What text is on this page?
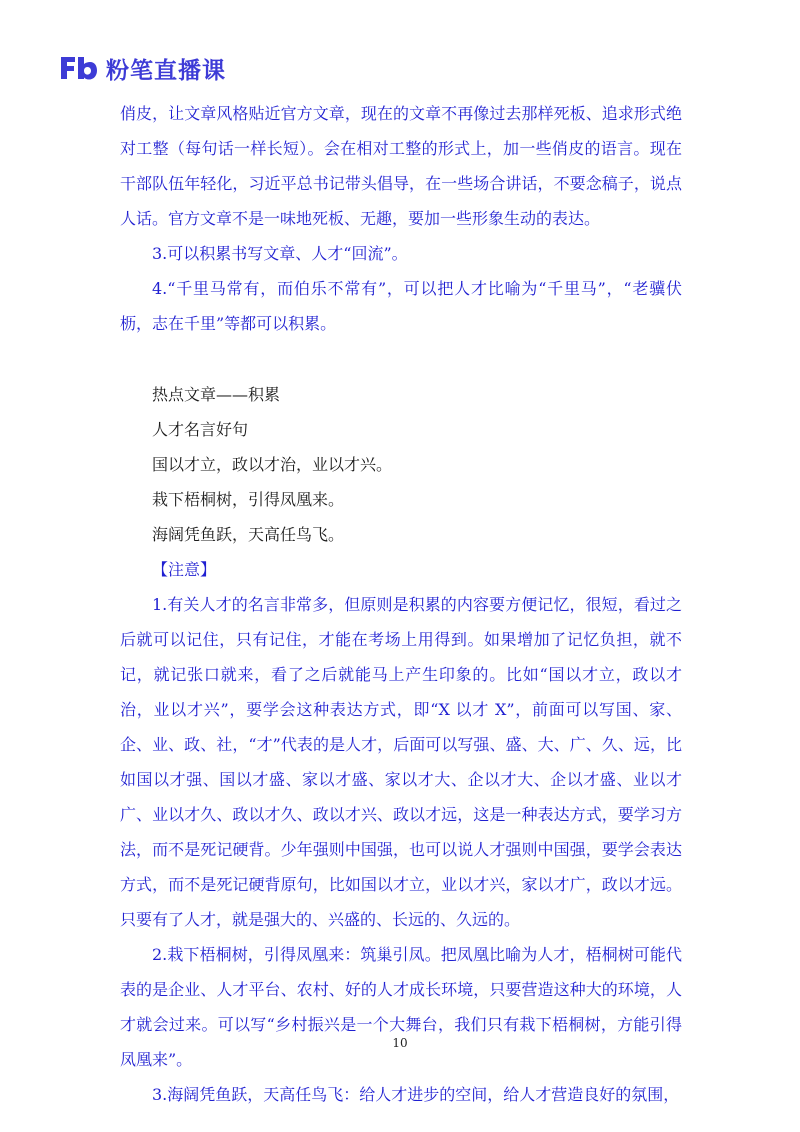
粉笔直播课

俏皮，让文章风格贴近官方文章，现在的文章不再像过去那样死板、追求形式绝对工整（每句话一样长短）。会在相对工整的形式上，加一些俏皮的语言。现在干部队伍年轻化，习近平总书记带头倡导，在一些场合讲话，不要念稿子，说点人话。官方文章不是一味地死板、无趣，要加一些形象生动的表达。

3.可以积累书写文章、人才“回流”。

4.“千里马常有，而伯乐不常有”，可以把人才比喻为“千里马”，“老骥伏枥，志在千里”等都可以积累。

热点文章——积累

人才名言好句

国以才立，政以才治，业以才兴。

栽下梧桐树，引得凤凰来。

海阔凭鱼跃，天高任鸟飞。

【注意】

1.有关人才的名言非常多，但原则是积累的内容要方便记忆，很短，看过之后就可以记住，只有记住，才能在考场上用得到。如果增加了记忆负担，就不记，就记张口就来，看了之后就能马上产生印象的。比如“国以才立，政以才治，业以才兴”，要学会这种表达方式，即“X 以才 X”，前面可以写国、家、企、业、政、社，“才”代表的是人才，后面可以写强、盛、大、广、久、远，比如国以才强、国以才盛、家以才盛、家以才大、企以才大、企以才盛、业以才广、业以才久、政以才久、政以才兴、政以才远，这是一种表达方式，要学习方法，而不是死记硬背。少年强则中国强，也可以说人才强则中国强，要学会表达方式，而不是死记硬背原句，比如国以才立，业以才兴，家以才广，政以才远。只要有了人才，就是强大的、兴盛的、长远的、久远的。

2.栽下梧桐树，引得凤凰来：筑巢引凤。把凤凰比喻为人才，梧桐树可能代表的是企业、人才平台、农村、好的人才成长环境，只要营造这种大的环境，人才就会过来。可以写“乡村振兴是一个大舞台，我们只有栽下梧桐树，方能引得凤凰来”。

3.海阔凭鱼跃，天高任鸟飞：给人才进步的空间，给人才营造良好的氛围，

10
